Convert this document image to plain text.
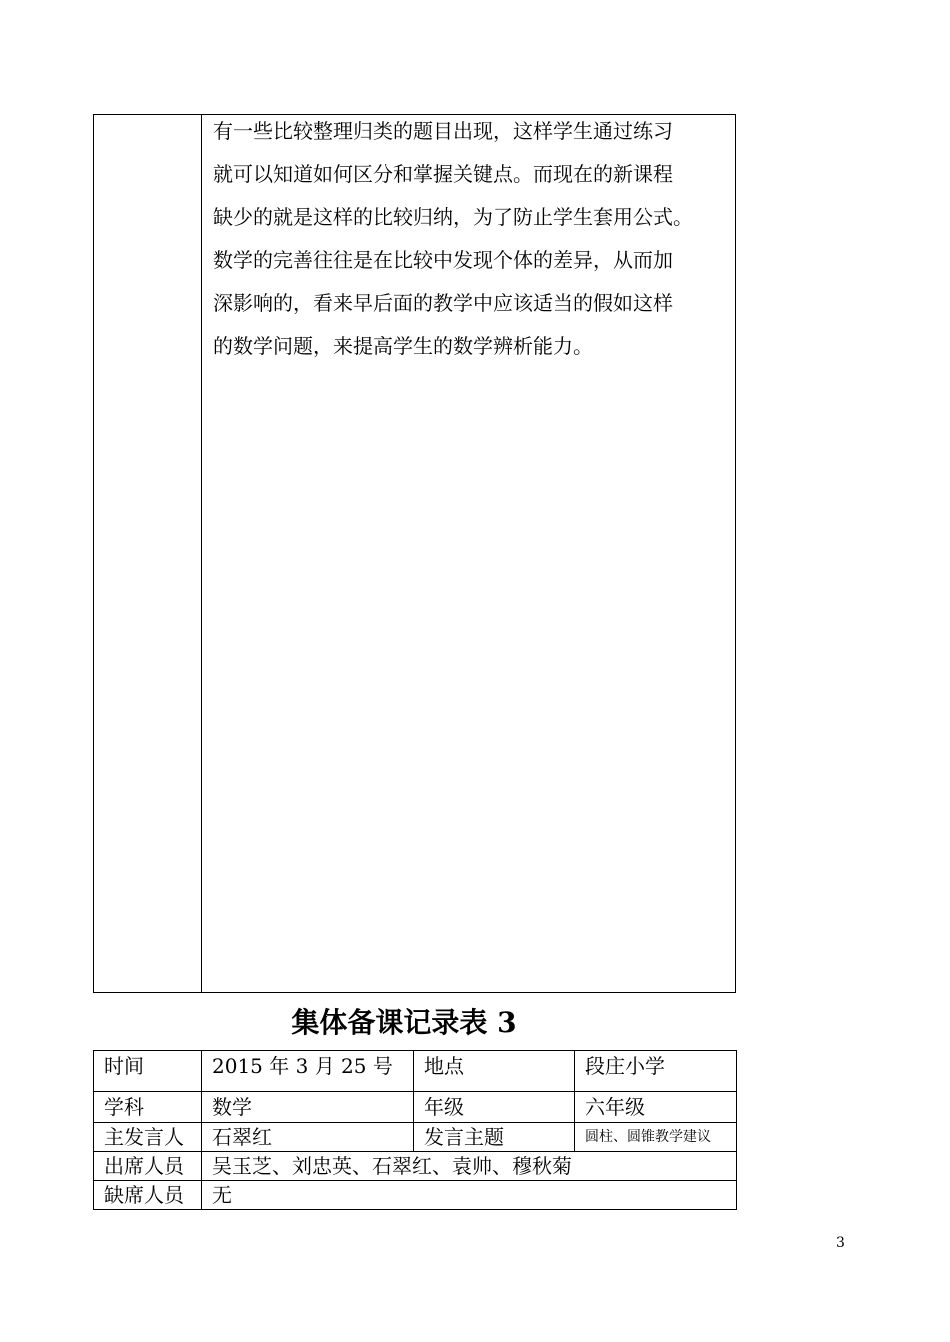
有一些比较整理归类的题目出现，这样学生通过练习
就可以知道如何区分和掌握关键点。而现在的新课程
缺少的就是这样的比较归纳，为了防止学生套用公式。
数学的完善往往是在比较中发现个体的差异，从而加
深影响的，看来早后面的教学中应该适当的假如这样
的数学问题，来提高学生的数学辨析能力。
集体备课记录表 3
时间	2015 年 3 月 25 号	地点	段庄小学
学科	数学	年级	六年级
主发言人	石翠红	发言主题	圆柱、圆锥教学建议
出席人员	吴玉芝、刘忠英、石翠红、袁帅、穆秋菊		
缺席人员	无		
3
